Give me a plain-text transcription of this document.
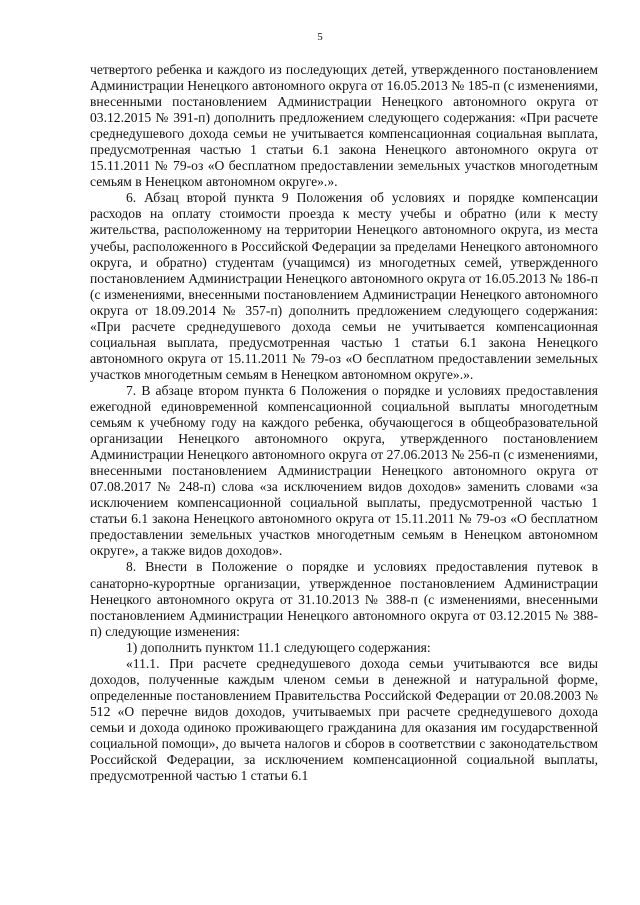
5

четвертого ребенка и каждого из последующих детей, утвержденного постановлением Администрации Ненецкого автономного округа от 16.05.2013 № 185-п (с изменениями, внесенными постановлением Администрации Ненецкого автономного округа от 03.12.2015 № 391-п) дополнить предложением следующего содержания: «При расчете среднедушевого дохода семьи не учитывается компенсационная социальная выплата, предусмотренная частью 1 статьи 6.1 закона Ненецкого автономного округа от 15.11.2011 № 79-оз «О бесплатном предоставлении земельных участков многодетным семьям в Ненецком автономном округе».».

6. Абзац второй пункта 9 Положения об условиях и порядке компенсации расходов на оплату стоимости проезда к месту учебы и обратно (или к месту жительства, расположенному на территории Ненецкого автономного округа, из места учебы, расположенного в Российской Федерации за пределами Ненецкого автономного округа, и обратно) студентам (учащимся) из многодетных семей, утвержденного постановлением Администрации Ненецкого автономного округа от 16.05.2013 № 186-п (с изменениями, внесенными постановлением Администрации Ненецкого автономного округа от 18.09.2014 № 357-п) дополнить предложением следующего содержания: «При расчете среднедушевого дохода семьи не учитывается компенсационная социальная выплата, предусмотренная частью 1 статьи 6.1 закона Ненецкого автономного округа от 15.11.2011 № 79-оз «О бесплатном предоставлении земельных участков многодетным семьям в Ненецком автономном округе».».

7. В абзаце втором пункта 6 Положения о порядке и условиях предоставления ежегодной единовременной компенсационной социальной выплаты многодетным семьям к учебному году на каждого ребенка, обучающегося в общеобразовательной организации Ненецкого автономного округа, утвержденного постановлением Администрации Ненецкого автономного округа от 27.06.2013 № 256-п (с изменениями, внесенными постановлением Администрации Ненецкого автономного округа от 07.08.2017 № 248-п) слова «за исключением видов доходов» заменить словами «за исключением компенсационной социальной выплаты, предусмотренной частью 1 статьи 6.1 закона Ненецкого автономного округа от 15.11.2011 № 79-оз «О бесплатном предоставлении земельных участков многодетным семьям в Ненецком автономном округе», а также видов доходов».

8. Внести в Положение о порядке и условиях предоставления путевок в санаторно-курортные организации, утвержденное постановлением Администрации Ненецкого автономного округа от 31.10.2013 № 388-п (с изменениями, внесенными постановлением Администрации Ненецкого автономного округа от 03.12.2015 № 388-п) следующие изменения:

1) дополнить пунктом 11.1 следующего содержания:

«11.1. При расчете среднедушевого дохода семьи учитываются все виды доходов, полученные каждым членом семьи в денежной и натуральной форме, определенные постановлением Правительства Российской Федерации от 20.08.2003 № 512 «О перечне видов доходов, учитываемых при расчете среднедушевого дохода семьи и дохода одиноко проживающего гражданина для оказания им государственной социальной помощи», до вычета налогов и сборов в соответствии с законодательством Российской Федерации, за исключением компенсационной социальной выплаты, предусмотренной частью 1 статьи 6.1
